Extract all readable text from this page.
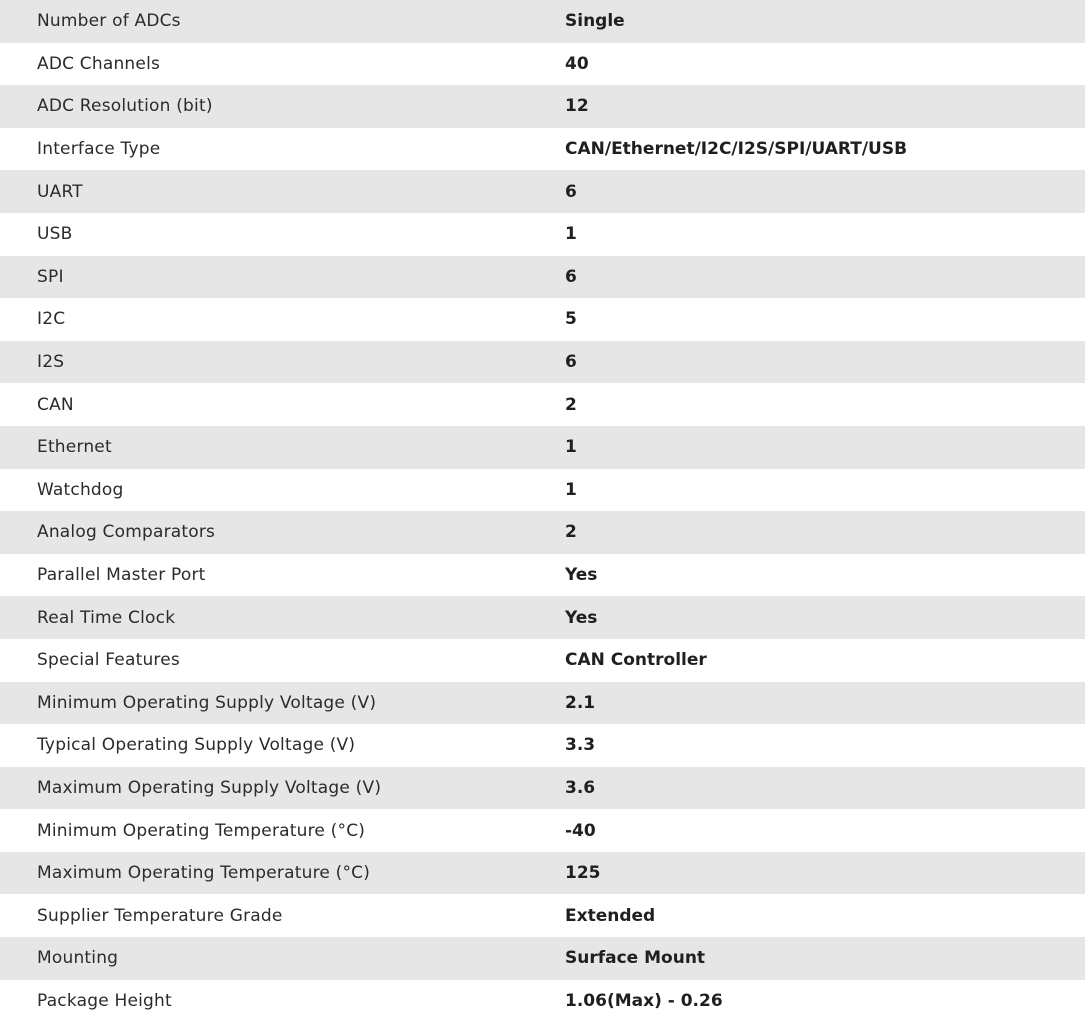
Number of ADCs	Single
ADC Channels	40
ADC Resolution (bit)	12
Interface Type	CAN/Ethernet/I2C/I2S/SPI/UART/USB
UART	6
USB	1
SPI	6
I2C	5
I2S	6
CAN	2
Ethernet	1
Watchdog	1
Analog Comparators	2
Parallel Master Port	Yes
Real Time Clock	Yes
Special Features	CAN Controller
Minimum Operating Supply Voltage (V)	2.1
Typical Operating Supply Voltage (V)	3.3
Maximum Operating Supply Voltage (V)	3.6
Minimum Operating Temperature (°C)	-40
Maximum Operating Temperature (°C)	125
Supplier Temperature Grade	Extended
Mounting	Surface Mount
Package Height	1.06(Max) - 0.26
